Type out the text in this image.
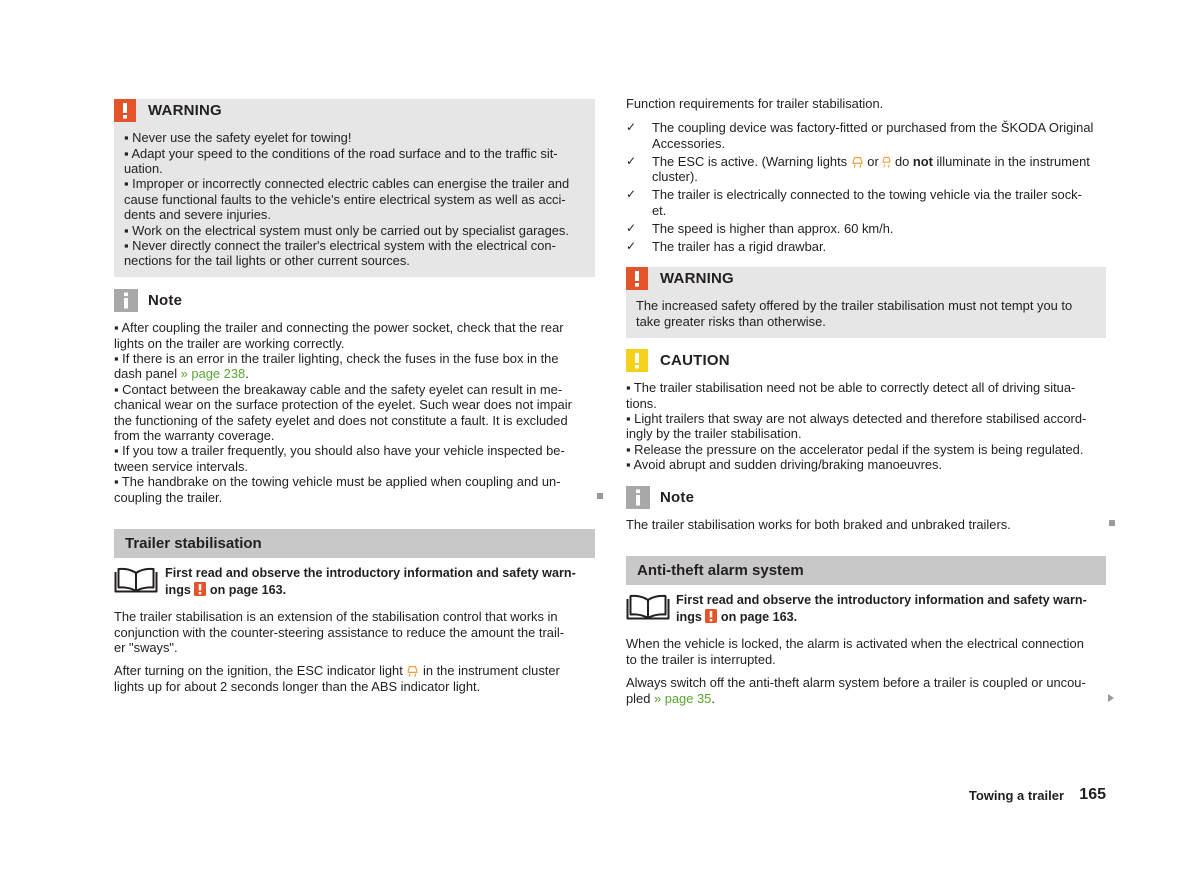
WARNING
▪ Never use the safety eyelet for towing!
▪ Adapt your speed to the conditions of the road surface and to the traffic sit-
uation.
▪ Improper or incorrectly connected electric cables can energise the trailer and
cause functional faults to the vehicle's entire electrical system as well as acci-
dents and severe injuries.
▪ Work on the electrical system must only be carried out by specialist garages.
▪ Never directly connect the trailer's electrical system with the electrical con-
nections for the tail lights or other current sources.
Note
▪ After coupling the trailer and connecting the power socket, check that the rear
lights on the trailer are working correctly.
▪ If there is an error in the trailer lighting, check the fuses in the fuse box in the
dash panel » page 238.
▪ Contact between the breakaway cable and the safety eyelet can result in me-
chanical wear on the surface protection of the eyelet. Such wear does not impair
the functioning of the safety eyelet and does not constitute a fault. It is excluded
from the warranty coverage.
▪ If you tow a trailer frequently, you should also have your vehicle inspected be-
tween service intervals.
▪ The handbrake on the towing vehicle must be applied when coupling and un-
coupling the trailer.
Trailer stabilisation
First read and observe the introductory information and safety warn-
ings on page 163.
The trailer stabilisation is an extension of the stabilisation control that works in
conjunction with the counter-steering assistance to reduce the amount the trail-
er "sways".
After turning on the ignition, the ESC indicator light in the instrument cluster
lights up for about 2 seconds longer than the ABS indicator light.
Function requirements for trailer stabilisation.
✓ The coupling device was factory-fitted or purchased from the ŠKODA Original
Accessories.
✓ The ESC is active. (Warning lights or do not illuminate in the instrument
cluster).
✓ The trailer is electrically connected to the towing vehicle via the trailer sock-
et.
✓ The speed is higher than approx. 60 km/h.
✓ The trailer has a rigid drawbar.
WARNING
The increased safety offered by the trailer stabilisation must not tempt you to
take greater risks than otherwise.
CAUTION
▪ The trailer stabilisation need not be able to correctly detect all of driving situa-
tions.
▪ Light trailers that sway are not always detected and therefore stabilised accord-
ingly by the trailer stabilisation.
▪ Release the pressure on the accelerator pedal if the system is being regulated.
▪ Avoid abrupt and sudden driving/braking manoeuvres.
Note
The trailer stabilisation works for both braked and unbraked trailers.
Anti-theft alarm system
First read and observe the introductory information and safety warn-
ings on page 163.
When the vehicle is locked, the alarm is activated when the electrical connection
to the trailer is interrupted.
Always switch off the anti-theft alarm system before a trailer is coupled or uncou-
pled » page 35.
Towing a trailer 165
